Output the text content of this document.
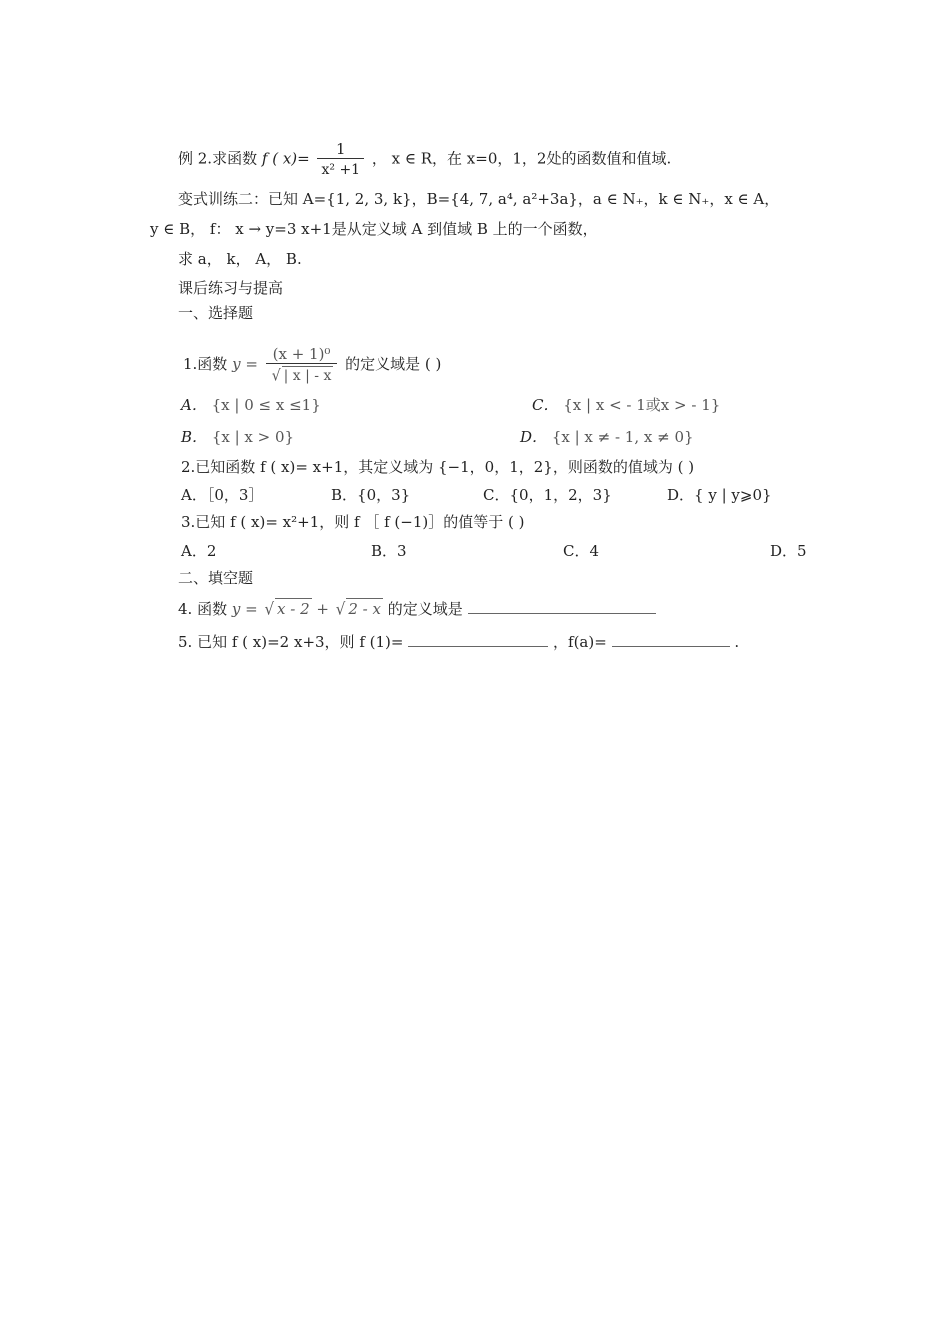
例 2.求函数 f ( $x)= \frac{1}{\text{x² +1}}$ ， x ∈ R，在 x=0，1，2处的函数值和值域.
变式训练二：已知 A={1, 2, 3, k}，B={4, 7, a⁴, a²+3a}，a ∈ N₊，k ∈ N₊，x ∈ A，
y ∈ B， f： x → y=3 x+1是从定义域 A 到值域 B 上的一个函数，
求 a， k， A， B.
课后练习与提高
一、选择题
1.函数 $y = \frac{\text{(x + 1)⁰}}{√ | x | - x}$ 的定义域是 ( )
A． {x | 0 ≤ x ≤1}	C． {x | x < - 1或x > - 1}
B． {x | x > 0}	D． {x | x ≠ - 1, x ≠ 0}
2.已知函数 f ( x)= x+1，其定义域为 {−1，0，1，2}，则函数的值域为 ( )
A．［0，3］	B．{0，3}	C．{0，1，2，3}	D．{ y | y⩾0}
3.已知 f ( x)= x²+1，则 f ［ f (−1)］的值等于 ( )
A．2	B．3	C．4	D．5
二、填空题
4. 函数 y = √ x - 2 + √ 2 - x 的定义域是
5. 已知 f ( x)=2 x+3，则 f (1)=	，f(a)=	.
